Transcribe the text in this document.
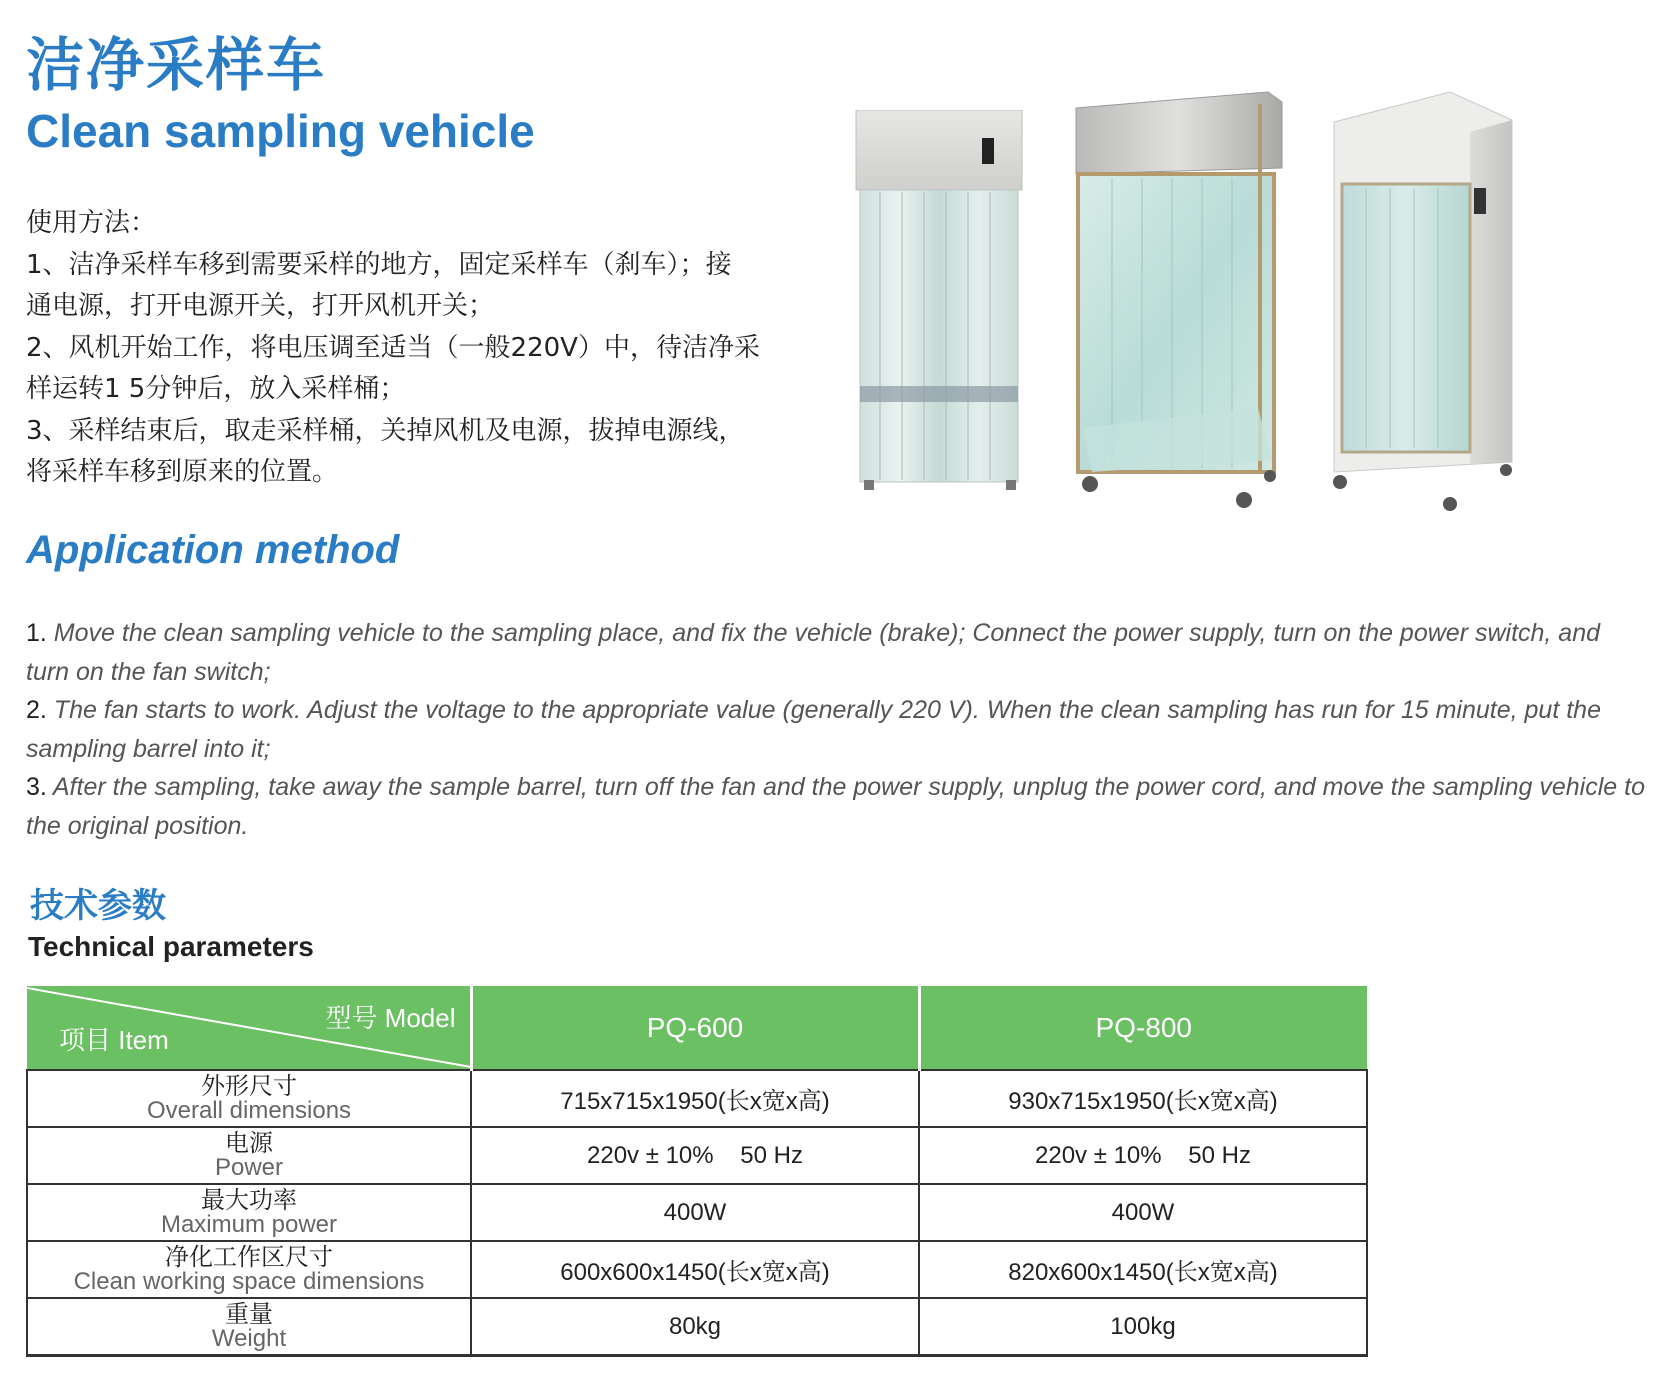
洁净采样车
Clean sampling vehicle

使用方法：

1、洁净采样车移到需要采样的地方，固定采样车（刹车）；接

通电源，打开电源开关，打开风机开关；

2、风机开始工作，将电压调至适当（一般220V）中，待洁净采

样运转1 5分钟后，放入采样桶；

3、采样结束后，取走采样桶，关掉风机及电源，拔掉电源线，

将采样车移到原来的位置。

Application method

1. Move the clean sampling vehicle to the sampling place, and fix the vehicle (brake); Connect the power supply, turn on the power switch, and turn on the fan switch;

2. The fan starts to work. Adjust the voltage to the appropriate value (generally 220 V). When the clean sampling has run for 15 minute, put the sampling barrel into it;

3. After the sampling, take away the sample barrel, turn off the fan and the power supply, unplug the power cord, and move the sampling vehicle to the original position.

技术参数
Technical parameters
型号 Model
项目 Item	PQ-600	PQ-800

外形尺寸
Overall dimensions	715x715x1950(长x宽x高)	930x715x1950(长x宽x高)

电源
Power	220v ± 10%    50 Hz	220v ± 10%    50 Hz

最大功率
Maximum power	400W	400W

净化工作区尺寸
Clean working space dimensions	600x600x1450(长x宽x高)	820x600x1450(长x宽x高)

重量
Weight	80kg	100kg
